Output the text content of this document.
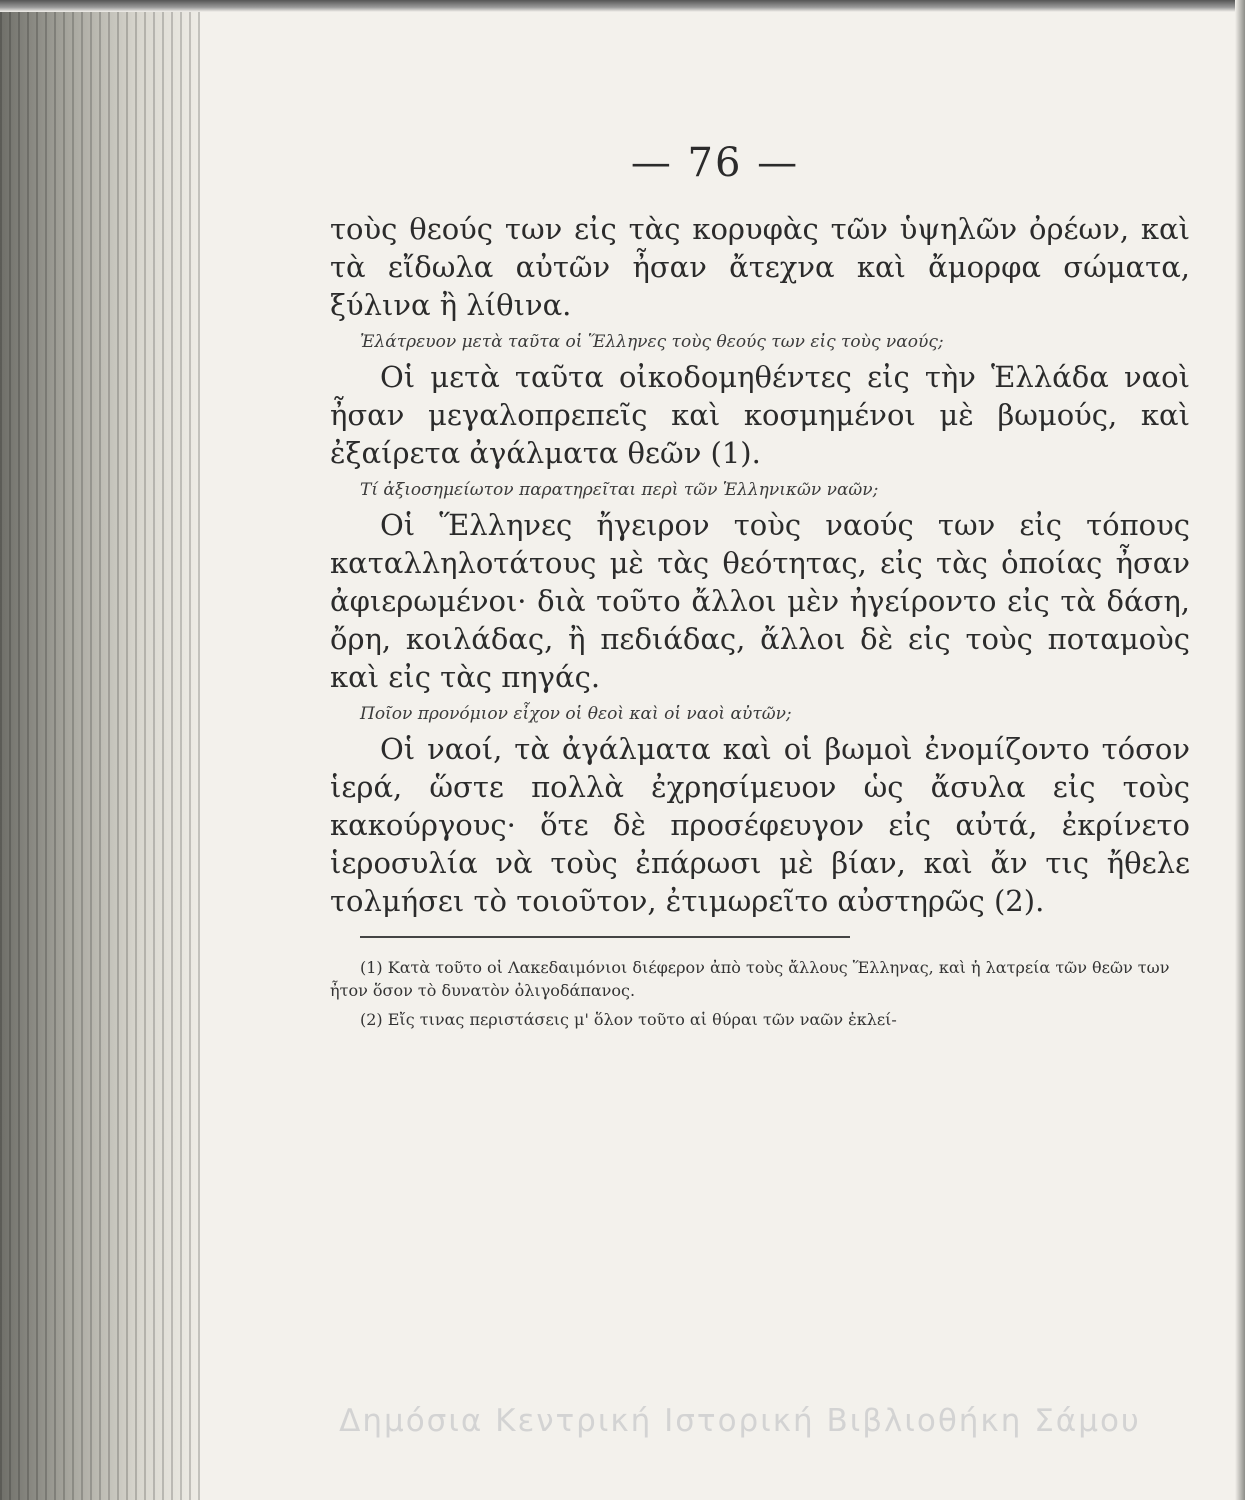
— 76 —

τοὺς θεούς των εἰς τὰς κορυφὰς τῶν ὑψηλῶν ὀρέων, καὶ τὰ εἴδωλα αὐτῶν ἦσαν ἄτεχνα καὶ ἄμορφα σώματα, ξύλινα ἢ λίθινα.

Ἐλάτρευον μετὰ ταῦτα οἱ Ἕλληνες τοὺς θεούς των εἰς τοὺς ναούς;

Οἱ μετὰ ταῦτα οἰκοδομηθέντες εἰς τὴν Ἑλλάδα ναοὶ ἦσαν μεγαλοπρεπεῖς καὶ κοσμημένοι μὲ βωμούς, καὶ ἐξαίρετα ἀγάλματα θεῶν (1).

Τί ἀξιοσημείωτον παρατηρεῖται περὶ τῶν Ἑλληνικῶν ναῶν;

Οἱ Ἕλληνες ἤγειρον τοὺς ναούς των εἰς τόπους καταλληλοτάτους μὲ τὰς θεότητας, εἰς τὰς ὁποίας ἦσαν ἀφιερωμένοι· διὰ τοῦτο ἄλλοι μὲν ἠγείροντο εἰς τὰ δάση, ὄρη, κοιλάδας, ἢ πεδιάδας, ἄλλοι δὲ εἰς τοὺς ποταμοὺς καὶ εἰς τὰς πηγάς.

Ποῖον προνόμιον εἶχον οἱ θεοὶ καὶ οἱ ναοὶ αὐτῶν;

Οἱ ναοί, τὰ ἀγάλματα καὶ οἱ βωμοὶ ἐνομίζοντο τόσον ἱερά, ὥστε πολλὰ ἐχρησίμευον ὡς ἄσυλα εἰς τοὺς κακούργους· ὅτε δὲ προσέφευγον εἰς αὐτά, ἐκρίνετο ἱεροσυλία νὰ τοὺς ἐπάρωσι μὲ βίαν, καὶ ἄν τις ἤθελε τολμήσει τὸ τοιοῦτον, ἐτιμωρεῖτο αὐστηρῶς (2).

(1) Κατὰ τοῦτο οἱ Λακεδαιμόνιοι διέφερον ἀπὸ τοὺς ἄλλους Ἕλληνας, καὶ ἡ λατρεία τῶν θεῶν των ἦτον ὅσον τὸ δυνατὸν ὀλιγοδάπανος.

(2) Εἴς τινας περιστάσεις μ' ὅλον τοῦτο αἱ θύραι τῶν ναῶν ἐκλεί-

Δημόσια Κεντρική Ιστορική Βιβλιοθήκη Σάμου
